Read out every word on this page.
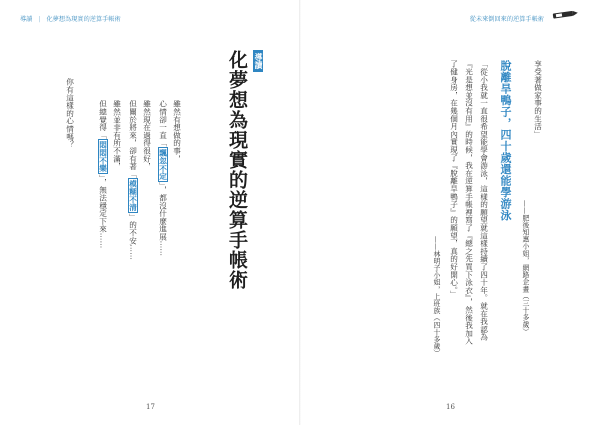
導讀 | 化夢想為現實的逆算手帳術	從未來倒回來的逆算手帳術
導讀
化夢想為現實的逆算手帳術
雖然有想做的事，
心情卻一直「飄忽不定」，都沒什麼進展……
雖然現在過得很好，
但關於將來，卻有著「模糊不清」的不安……
雖然並非有所不滿，
但總覺得「悶悶不樂」，無法穩定下來……
你有這樣的心情嗎？
17
享受著做家事的生活」
——肥後知惠小姐，網路企畫（三十多歲）
脫離旱鴨子，四十歲還能學游泳
「從小我就一直很希望能學會游泳，這樣的願望就這樣持續了四十年。就在我認為
『光是想並沒有用』的時候，我在逆算手帳裡寫了『總之先買下泳衣』，然後我加入
了健身房，在幾個月內實現了『脫離旱鴨子』的願望，真的好開心。」
——林明子小姐，上班族（四十多歲）
16
